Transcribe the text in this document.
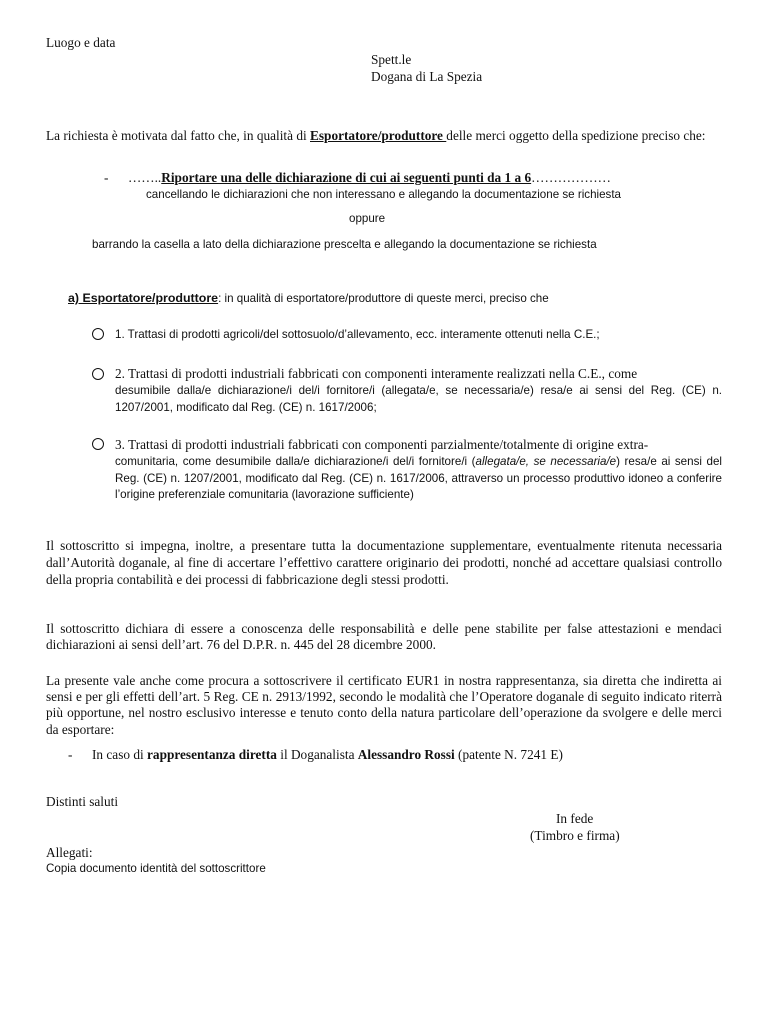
Luogo e data
Spett.le
Dogana di La Spezia
La richiesta è motivata dal fatto che, in qualità di Esportatore/produttore delle merci oggetto della spedizione preciso che:
- ……..Riportare una delle dichiarazione di cui ai seguenti punti da 1 a 6………………
cancellando le dichiarazioni che non interessano e allegando la documentazione se richiesta
oppure
barrando la casella a lato della dichiarazione prescelta e allegando la documentazione se richiesta
a) Esportatore/produttore: in qualità di esportatore/produttore di queste merci, preciso che
1. Trattasi di prodotti agricoli/del sottosuolo/d’allevamento, ecc. interamente ottenuti nella C.E.;
2. Trattasi di prodotti industriali fabbricati con componenti interamente realizzati nella C.E., come
desumibile dalla/e dichiarazione/i del/i fornitore/i (allegata/e, se necessaria/e) resa/e ai sensi del Reg. (CE) n. 1207/2001, modificato dal Reg. (CE) n. 1617/2006;
3. Trattasi di prodotti industriali fabbricati con componenti parzialmente/totalmente di origine extra-
comunitaria, come desumibile dalla/e dichiarazione/i del/i fornitore/i (allegata/e, se necessaria/e) resa/e ai sensi del Reg. (CE) n. 1207/2001, modificato dal Reg. (CE) n. 1617/2006, attraverso un processo produttivo idoneo a conferire l’origine preferenziale comunitaria (lavorazione sufficiente)
Il sottoscritto si impegna, inoltre, a presentare tutta la documentazione supplementare, eventualmente ritenuta necessaria dall’Autorità doganale, al fine di accertare l’effettivo carattere originario dei prodotti, nonché ad accettare qualsiasi controllo della propria contabilità e dei processi di fabbricazione degli stessi prodotti.
Il sottoscritto dichiara di essere a conoscenza delle responsabilità e delle pene stabilite per false attestazioni e mendaci dichiarazioni ai sensi dell’art. 76 del D.P.R. n. 445 del 28 dicembre 2000.
La presente vale anche come procura a sottoscrivere il certificato EUR1 in nostra rappresentanza, sia diretta che indiretta ai sensi e per gli effetti dell’art. 5 Reg. CE n. 2913/1992, secondo le modalità che l’Operatore doganale di seguito indicato riterrà più opportune, nel nostro esclusivo interesse e tenuto conto della natura particolare dell’operazione da svolgere e delle merci da esportare:
- In caso di rappresentanza diretta il Doganalista Alessandro Rossi (patente N. 7241 E)
Distinti saluti
In fede
(Timbro e firma)
Allegati:
Copia documento identità del sottoscrittore
